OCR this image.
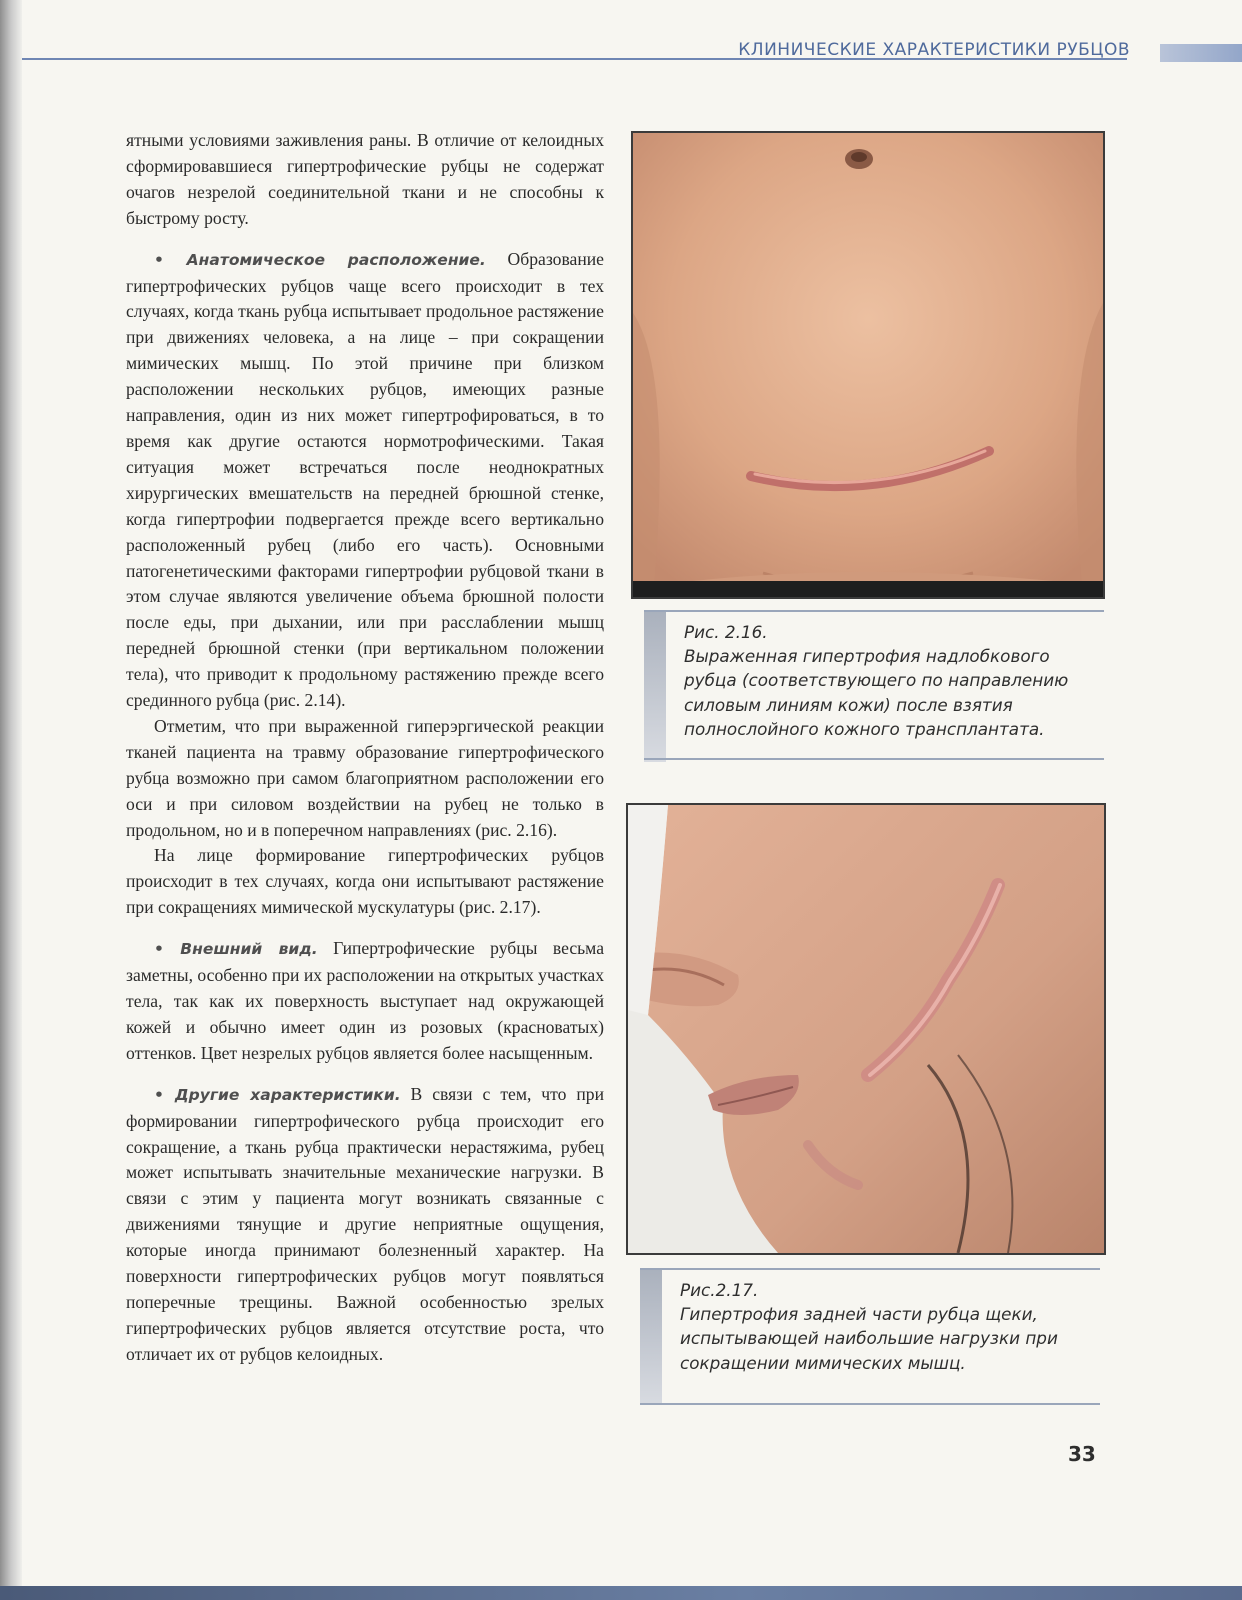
КЛИНИЧЕСКИЕ ХАРАКТЕРИСТИКИ РУБЦОВ

ятными условиями заживления раны. В отличие от келоидных сформировавшиеся гипертрофические рубцы не содержат очагов незрелой соединительной ткани и не способны к быстрому росту.

• Анатомическое расположение. Образование гипертрофических рубцов чаще всего происходит в тех случаях, когда ткань рубца испытывает продольное растяжение при движениях человека, а на лице – при сокращении мимических мышц. По этой причине при близком расположении нескольких рубцов, имеющих разные направления, один из них может гипертрофироваться, в то время как другие остаются нормотрофическими. Такая ситуация может встречаться после неоднократных хирургических вмешательств на передней брюшной стенке, когда гипертрофии подвергается прежде всего вертикально расположенный рубец (либо его часть). Основными патогенетическими факторами гипертрофии рубцовой ткани в этом случае являются увеличение объема брюшной полости после еды, при дыхании, или при расслаблении мышц передней брюшной стенки (при вертикальном положении тела), что приводит к продольному растяжению прежде всего срединного рубца (рис. 2.14).

Отметим, что при выраженной гиперэргической реакции тканей пациента на травму образование гипертрофического рубца возможно при самом благоприятном расположении его оси и при силовом воздействии на рубец не только в продольном, но и в поперечном направлениях (рис. 2.16).

На лице формирование гипертрофических рубцов происходит в тех случаях, когда они испытывают растяжение при сокращениях мимической мускулатуры (рис. 2.17).

• Внешний вид. Гипертрофические рубцы весьма заметны, особенно при их расположении на открытых участках тела, так как их поверхность выступает над окружающей кожей и обычно имеет один из розовых (красноватых) оттенков. Цвет незрелых рубцов является более насыщенным.

• Другие характеристики. В связи с тем, что при формировании гипертрофического рубца происходит его сокращение, а ткань рубца практически нерастяжима, рубец может испытывать значительные механические нагрузки. В связи с этим у пациента могут возникать связанные с движениями тянущие и другие неприятные ощущения, которые иногда принимают болезненный характер. На поверхности гипертрофических рубцов могут появляться поперечные трещины. Важной особенностью зрелых гипертрофических рубцов является отсутствие роста, что отличает их от рубцов келоидных.

Рис. 2.16.
Выраженная гипертрофия надлобкового рубца (соответствующего по направлению силовым линиям кожи) после взятия полнослойного кожного трансплантата.
Рис.2.17.
Гипертрофия задней части рубца щеки, испытывающей наибольшие нагрузки при сокращении мимических мышц.
33
